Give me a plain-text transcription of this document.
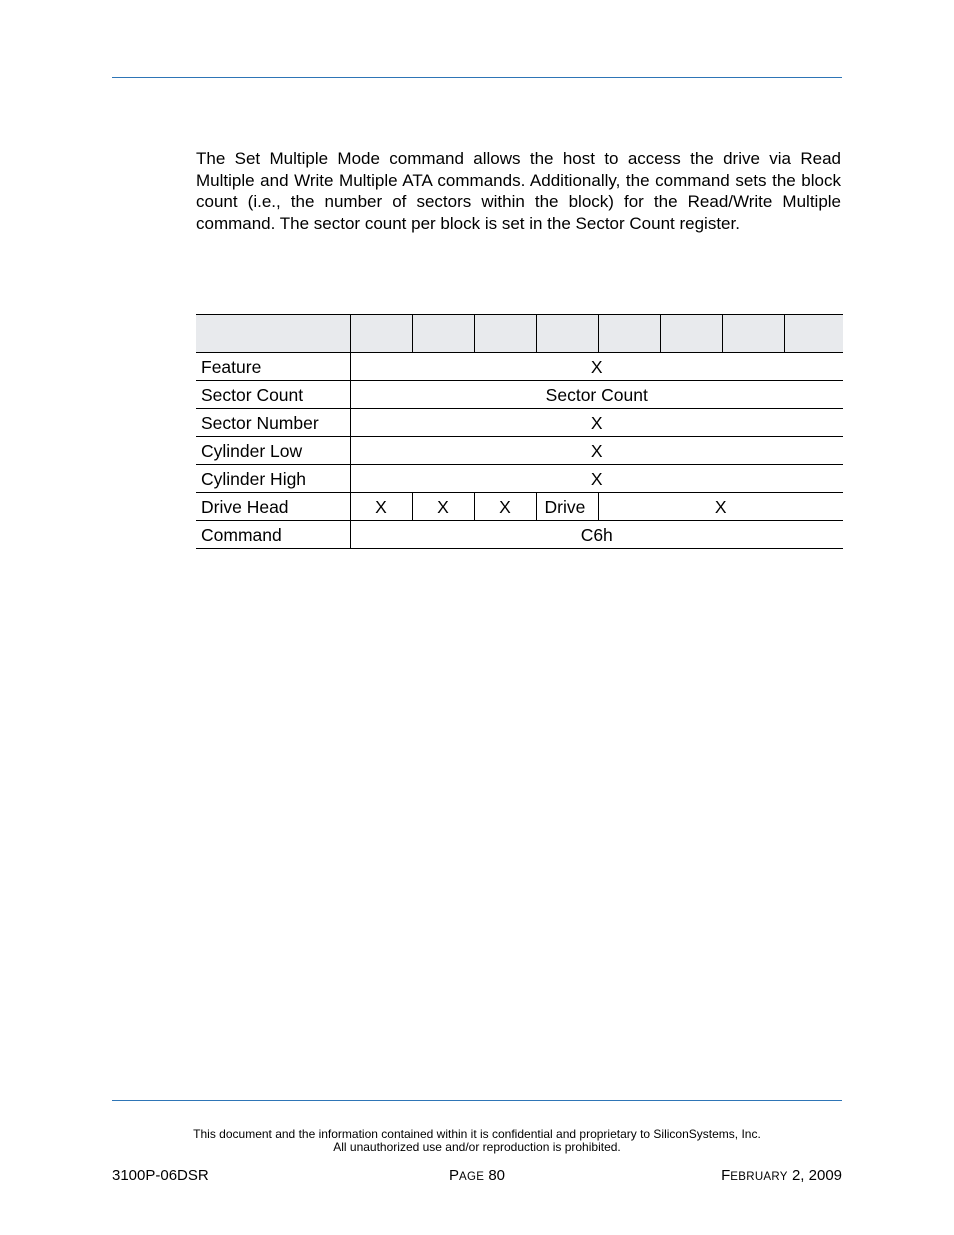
The Set Multiple Mode command allows the host to access the drive via Read Multiple and Write Multiple ATA commands. Additionally, the command sets the block count (i.e., the number of sectors within the block) for the Read/Write Multiple command. The sector count per block is set in the Sector Count register.

Feature	X							
Sector Count	Sector Count							
Sector Number	X							
Cylinder Low	X							
Cylinder High	X							
Drive Head	X	X	X	Drive	X			
Command	C6h							
This document and the information contained within it is confidential and proprietary to SiliconSystems, Inc.
All unauthorized use and/or reproduction is prohibited.
3100P-06DSR	PAGE 80	FEBRUARY 2, 2009
